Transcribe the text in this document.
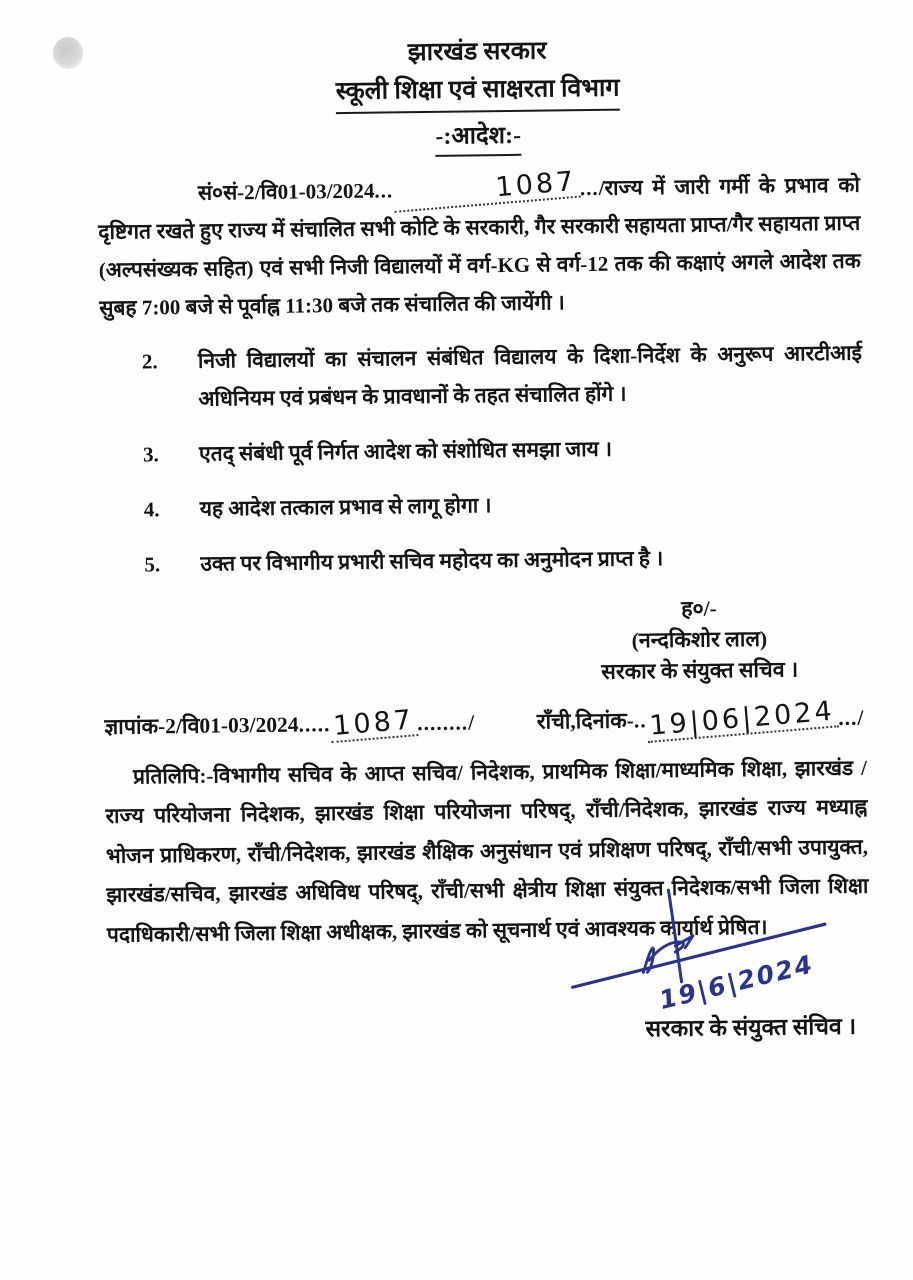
झारखंड सरकार
स्कूली शिक्षा एवं साक्षरता विभाग
-:आदेश:-

सं०सं-2/वि01-03/2024...	1087.../राज्य में जारी गर्मी के प्रभाव को दृष्टिगत रखते हुए राज्य में संचालित सभी कोटि के सरकारी, गैर सरकारी सहायता प्राप्त/गैर सहायता प्राप्त (अल्पसंख्यक सहित) एवं सभी निजी विद्यालयों में वर्ग-KG से वर्ग-12 तक की कक्षाएं अगले आदेश तक सुबह 7:00 बजे से पूर्वाह्न 11:30 बजे तक संचालित की जायेंगी ।

2.	निजी विद्यालयों का संचालन संबंधित विद्यालय के दिशा-निर्देश के अनुरूप आरटीआई अधिनियम एवं प्रबंधन के प्रावधानों के तहत संचालित होंगे ।
3.	एतद् संबंधी पूर्व निर्गत आदेश को संशोधित समझा जाय ।
4.	यह आदेश तत्काल प्रभाव से लागू होगा ।
5.	उक्त पर विभागीय प्रभारी सचिव महोदय का अनुमोदन प्राप्त है ।
ह०/-
(नन्दकिशोर लाल)
सरकार के संयुक्त सचिव ।
ज्ञापांक-2/वि01-03/2024.....1087......../	राँची,दिनांक-..19|06|2024.../

प्रतिलिपि:-विभागीय सचिव के आप्त सचिव/ निदेशक, प्राथमिक शिक्षा/माध्यमिक शिक्षा, झारखंड /राज्य परियोजना निदेशक, झारखंड शिक्षा परियोजना परिषद्, राँची/निदेशक, झारखंड राज्य मध्याह्न भोजन प्राधिकरण, राँची/निदेशक, झारखंड शैक्षिक अनुसंधान एवं प्रशिक्षण परिषद्, राँची/सभी उपायुक्त, झारखंड/सचिव, झारखंड अधिविध परिषद्, राँची/सभी क्षेत्रीय शिक्षा संयुक्त निदेशक/सभी जिला शिक्षा पदाधिकारी/सभी जिला शिक्षा अधीक्षक, झारखंड को सूचनार्थ एवं आवश्यक कार्यार्थ प्रेषित।

19|6|2024
सरकार के संयुक्त संचिव ।
